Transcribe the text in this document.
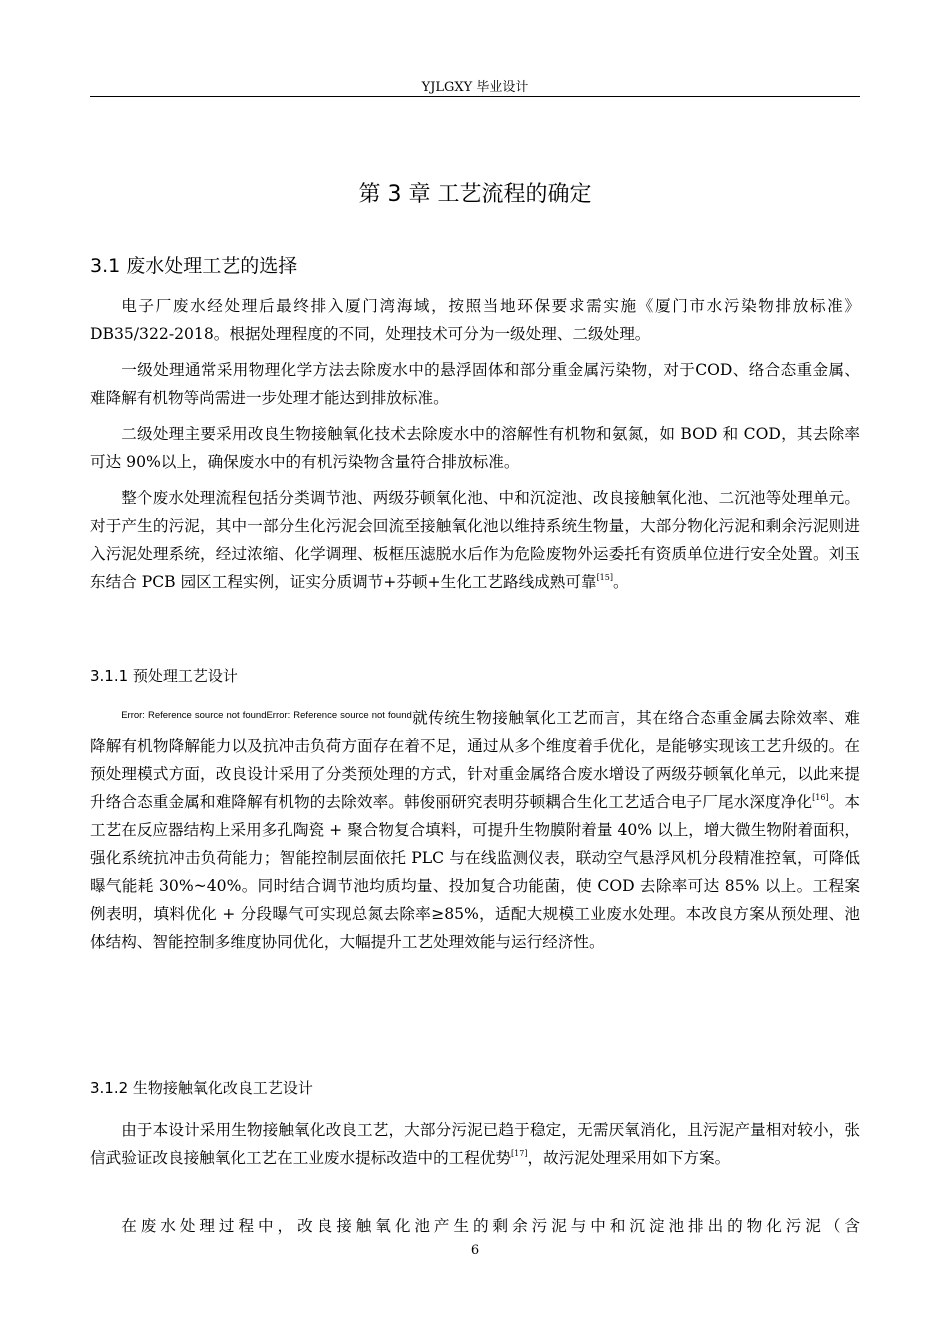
YJLGXY 毕业设计
第 3 章 工艺流程的确定
3.1 废水处理工艺的选择

电子厂废水经处理后最终排入厦门湾海域，按照当地环保要求需实施《厦门市水污染物排放标准》DB35/322-2018。根据处理程度的不同，处理技术可分为一级处理、二级处理。

一级处理通常采用物理化学方法去除废水中的悬浮固体和部分重金属污染物，对于COD、络合态重金属、难降解有机物等尚需进一步处理才能达到排放标准。

二级处理主要采用改良生物接触氧化技术去除废水中的溶解性有机物和氨氮，如 BOD 和 COD，其去除率可达 90%以上，确保废水中的有机污染物含量符合排放标准。

整个废水处理流程包括分类调节池、两级芬顿氧化池、中和沉淀池、改良接触氧化池、二沉池等处理单元。对于产生的污泥，其中一部分生化污泥会回流至接触氧化池以维持系统生物量，大部分物化污泥和剩余污泥则进入污泥处理系统，经过浓缩、化学调理、板框压滤脱水后作为危险废物外运委托有资质单位进行安全处置。刘玉东结合 PCB 园区工程实例，证实分质调节+芬顿+生化工艺路线成熟可靠[15]。

3.1.1 预处理工艺设计

$^{Error: Reference source not foundError: Reference source not found}$就传统生物接触氧化工艺而言，其在络合态重金属去除效率、难降解有机物降解能力以及抗冲击负荷方面存在着不足，通过从多个维度着手优化，是能够实现该工艺升级的。在预处理模式方面，改良设计采用了分类预处理的方式，针对重金属络合废水增设了两级芬顿氧化单元，以此来提升络合态重金属和难降解有机物的去除效率。韩俊丽研究表明芬顿耦合生化工艺适合电子厂尾水深度净化[16]。本工艺在反应器结构上采用多孔陶瓷 + 聚合物复合填料，可提升生物膜附着量 40% 以上，增大微生物附着面积，强化系统抗冲击负荷能力；智能控制层面依托 PLC 与在线监测仪表，联动空气悬浮风机分段精准控氧，可降低曝气能耗 30%~40%。同时结合调节池均质均量、投加复合功能菌，使 COD 去除率可达 85% 以上。工程案例表明，填料优化 + 分段曝气可实现总氮去除率≥85%，适配大规模工业废水处理。本改良方案从预处理、池体结构、智能控制多维度协同优化，大幅提升工艺处理效能与运行经济性。

3.1.2 生物接触氧化改良工艺设计

由于本设计采用生物接触氧化改良工艺，大部分污泥已趋于稳定，无需厌氧消化，且污泥产量相对较小，张信武验证改良接触氧化工艺在工业废水提标改造中的工程优势[17]，故污泥处理采用如下方案。

在废水处理过程中，改良接触氧化池产生的剩余污泥与中和沉淀池排出的物化污泥（含

6
